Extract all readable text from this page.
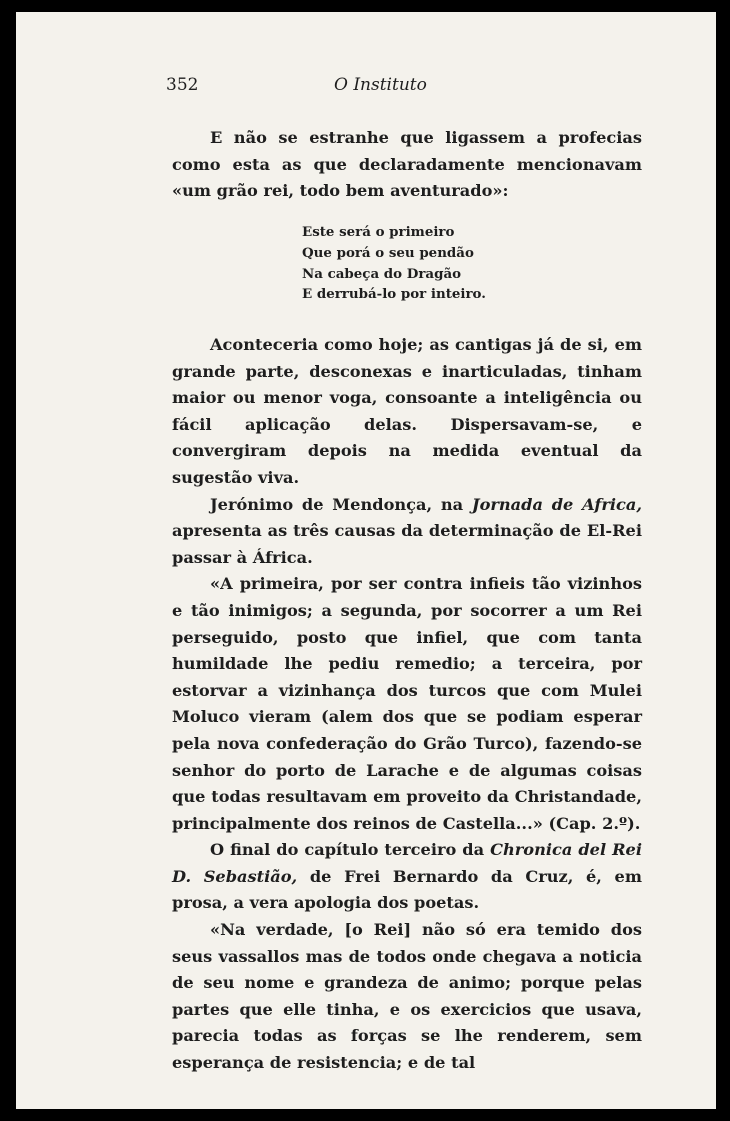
352	O Instituto

E não se estranhe que ligassem a profecias como esta as que declaradamente mencionavam «um grão rei, todo bem aventurado»:

Este será o primeiro
Que porá o seu pendão
Na cabeça do Dragão
E derrubá-lo por inteiro.

Aconteceria como hoje; as cantigas já de si, em grande parte, desconexas e inarticuladas, tinham maior ou menor voga, consoante a inteligência ou fácil aplicação delas. Dispersavam-se, e convergiram depois na medida eventual da sugestão viva.

Jerónimo de Mendonça, na Jornada de Africa, apresenta as três causas da determinação de El-Rei passar à África.

«A primeira, por ser contra infieis tão vizinhos e tão inimigos; a segunda, por socorrer a um Rei perseguido, posto que infiel, que com tanta humildade lhe pediu remedio; a terceira, por estorvar a vizinhança dos turcos que com Mulei Moluco vieram (alem dos que se podiam esperar pela nova confederação do Grão Turco), fazendo-se senhor do porto de Larache e de algumas coisas que todas resultavam em proveito da Christandade, principalmente dos reinos de Castella...» (Cap. 2.º).

O final do capítulo terceiro da Chronica del Rei D. Sebastião, de Frei Bernardo da Cruz, é, em prosa, a vera apologia dos poetas.

«Na verdade, [o Rei] não só era temido dos seus vassallos mas de todos onde chegava a noticia de seu nome e grandeza de animo; porque pelas partes que elle tinha, e os exercicios que usava, parecia todas as forças se lhe renderem, sem esperança de resistencia; e de tal
